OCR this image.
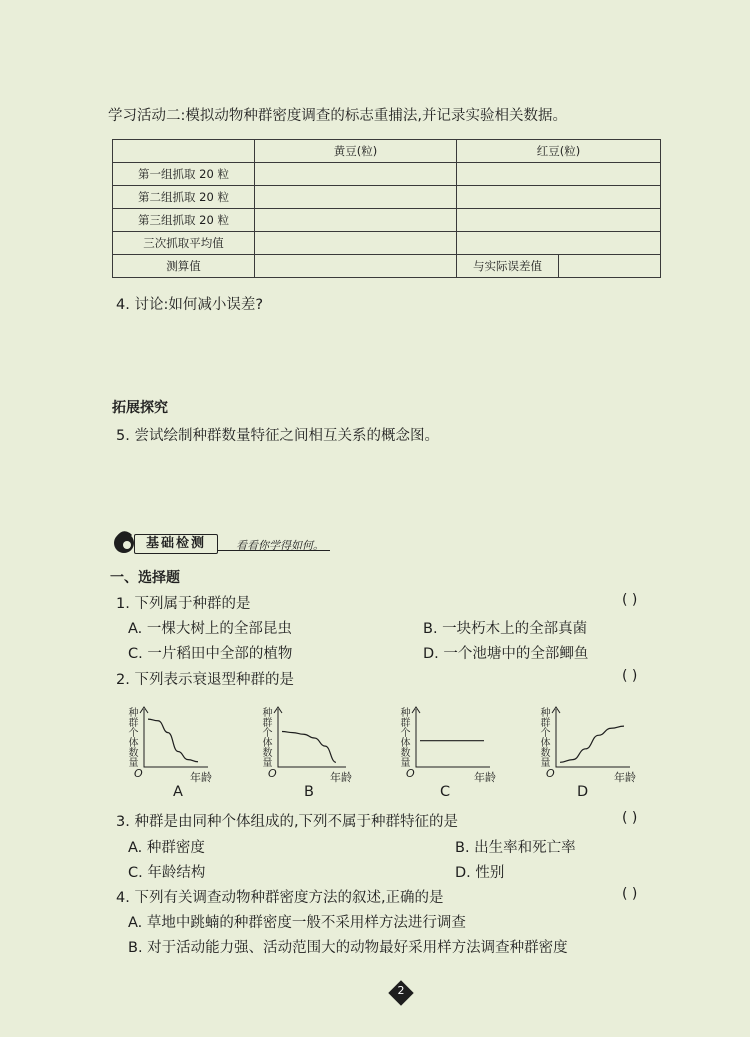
学习活动二:模拟动物种群密度调查的标志重捕法,并记录实验相关数据。
	黄豆(粒)	红豆(粒)	
第一组抓取 20 粒			
第二组抓取 20 粒			
第三组抓取 20 粒			
三次抓取平均值			
测算值		与实际误差值	
4. 讨论:如何减小误差?
拓展探究
5. 尝试绘制种群数量特征之间相互关系的概念图。
基础检测	看看你学得如何。
一、选择题
1. 下列属于种群的是	( )
A. 一棵大树上的全部昆虫	B. 一块朽木上的全部真菌
C. 一片稻田中全部的植物	D. 一个池塘中的全部鲫鱼
2. 下列表示衰退型种群的是	( )
种群个体数量
O	年龄
种群个体数量
O	年龄
种群个体数量
O	年龄
种群个体数量
O	年龄
A	B	C	D
3. 种群是由同种个体组成的,下列不属于种群特征的是	( )
A. 种群密度	B. 出生率和死亡率
C. 年龄结构	D. 性别
4. 下列有关调查动物种群密度方法的叙述,正确的是	( )
A. 草地中跳蝻的种群密度一般不采用样方法进行调查
B. 对于活动能力强、活动范围大的动物最好采用样方法调查种群密度
2
